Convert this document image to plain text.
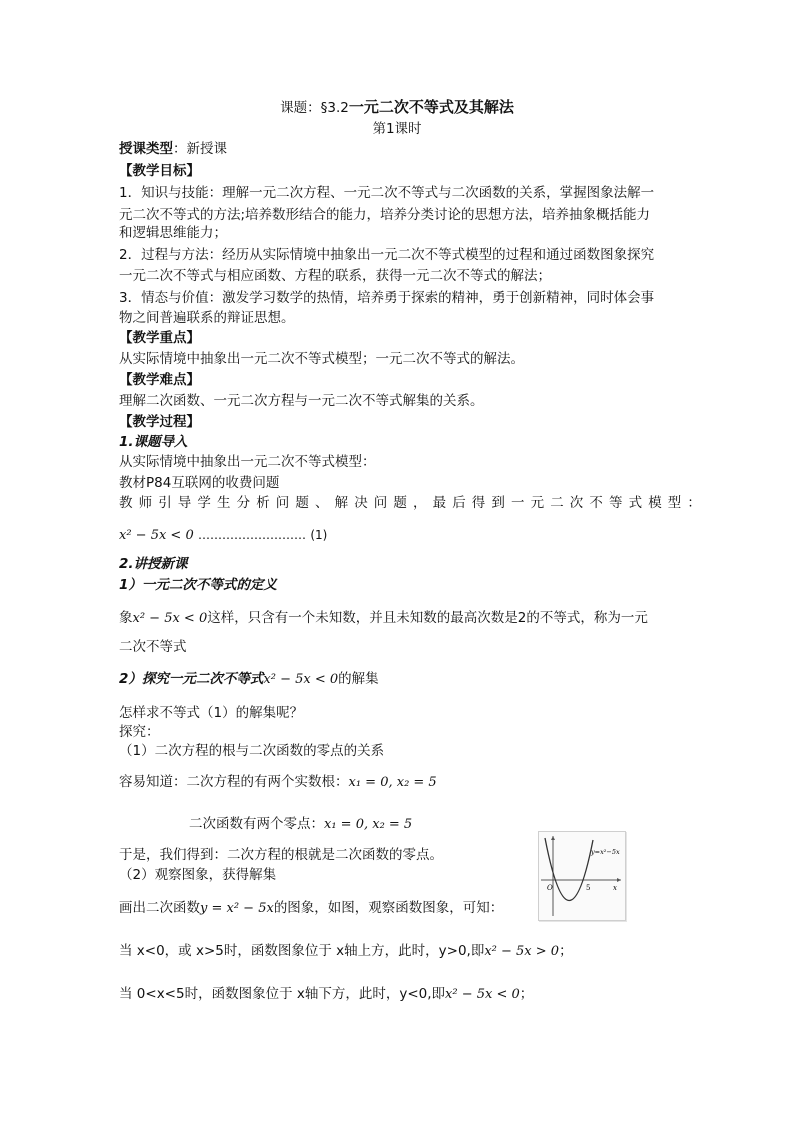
课题：§3.2一元二次不等式及其解法
第1课时
授课类型：新授课
【教学目标】
1．知识与技能：理解一元二次方程、一元二次不等式与二次函数的关系，掌握图象法解一
元二次不等式的方法;培养数形结合的能力，培养分类讨论的思想方法，培养抽象概括能力
和逻辑思维能力；
2．过程与方法：经历从实际情境中抽象出一元二次不等式模型的过程和通过函数图象探究
一元二次不等式与相应函数、方程的联系，获得一元二次不等式的解法；
3．情态与价值：激发学习数学的热情，培养勇于探索的精神，勇于创新精神，同时体会事
物之间普遍联系的辩证思想。
【教学重点】
从实际情境中抽象出一元二次不等式模型；一元二次不等式的解法。
【教学难点】
理解二次函数、一元二次方程与一元二次不等式解集的关系。
【教学过程】
1.课题导入
从实际情境中抽象出一元二次不等式模型：
教材P84互联网的收费问题
教师引导学生分析问题、解决问题，最后得到一元二次不等式模型：
x² − 5x < 0 ……………………… (1)
2.讲授新课
1）一元二次不等式的定义
象x² − 5x < 0这样，只含有一个未知数，并且未知数的最高次数是2的不等式，称为一元
二次不等式
2）探究一元二次不等式x² − 5x < 0的解集
怎样求不等式（1）的解集呢？
探究：
（1）二次方程的根与二次函数的零点的关系
容易知道：二次方程的有两个实数根：x₁ = 0, x₂ = 5
二次函数有两个零点：x₁ = 0, x₂ = 5
于是，我们得到：二次方程的根就是二次函数的零点。
（2）观察图象，获得解集
画出二次函数y = x² − 5x的图象，如图，观察函数图象，可知：
O	5	x
y=x²−5x
当 x<0，或 x>5时，函数图象位于 x轴上方，此时，y>0,即x² − 5x > 0；
当 0<x<5时，函数图象位于 x轴下方，此时，y<0,即x² − 5x < 0；
